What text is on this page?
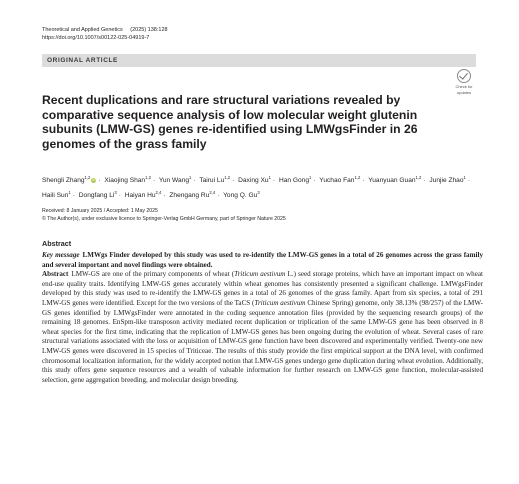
Theoretical and Applied Genetics (2025) 138:128
https://doi.org/10.1007/s00122-025-04919-7
ORIGINAL ARTICLE
Check for
updates
Recent duplications and rare structural variations revealed by comparative sequence analysis of low molecular weight glutenin subunits (LMW-GS) genes re-identified using LMWgsFinder in 26 genomes of the grass family
Shengli Zhang$^{1,2}$ iD · Xiaojing Shan$^{1,2}$ · Yun Wang$^1$ · Tairui Lu$^{1,2}$ · Daxing $Xu^1$ · Han Gong$^1$ · Yuchao Fan$^{1,2}$ · Yuanyuan Guan$^{1,2}$ · Junjie Zhao$^1$ · Haili Sun$^1$ · Dongfang $Li^3$ · Haiyan Hu$^{2,4}$ · Zhengang Ru$^{2,4}$ · Yong Q. Gu$^3$
Received: 8 January 2025 / Accepted: 1 May 2025
© The Author(s), under exclusive licence to Springer-Verlag GmbH Germany, part of Springer Nature 2025
Abstract

Key message LMWgs Finder developed by this study was used to re-identify the LMW-GS genes in a total of 26 genomes across the grass family and several important and novel findings were obtained.

Abstract LMW-GS are one of the primary components of wheat (Triticum aestivum L.) seed storage proteins, which have an important impact on wheat end-use quality traits. Identifying LMW-GS genes accurately within wheat genomes has consistently presented a significant challenge. LMWgsFinder developed by this study was used to re-identify the LMW-GS genes in a total of 26 genomes of the grass family. Apart from six species, a total of 291 LMW-GS genes were identified. Except for the two versions of the TaCS (Triticum aestivum Chinese Spring) genome, only 38.13% (98/257) of the LMW-GS genes identified by LMWgsFinder were annotated in the coding sequence annotation files (provided by the sequencing research groups) of the remaining 18 genomes. EnSpm-like transposon activity mediated recent duplication or triplication of the same LMW-GS gene has been observed in 8 wheat species for the first time, indicating that the replication of LMW-GS genes has been ongoing during the evolution of wheat. Several cases of rare structural variations associated with the loss or acquisition of LMW-GS gene function have been discovered and experimentally verified. Twenty-one new LMW-GS genes were discovered in 15 species of Triticeae. The results of this study provide the first empirical support at the DNA level, with confirmed chromosomal localization information, for the widely accepted notion that LMW-GS genes undergo gene duplication during wheat evolution. Additionally, this study offers gene sequence resources and a wealth of valuable information for further research on LMW-GS gene function, molecular-assisted selection, gene aggregation breeding, and molecular design breeding.
